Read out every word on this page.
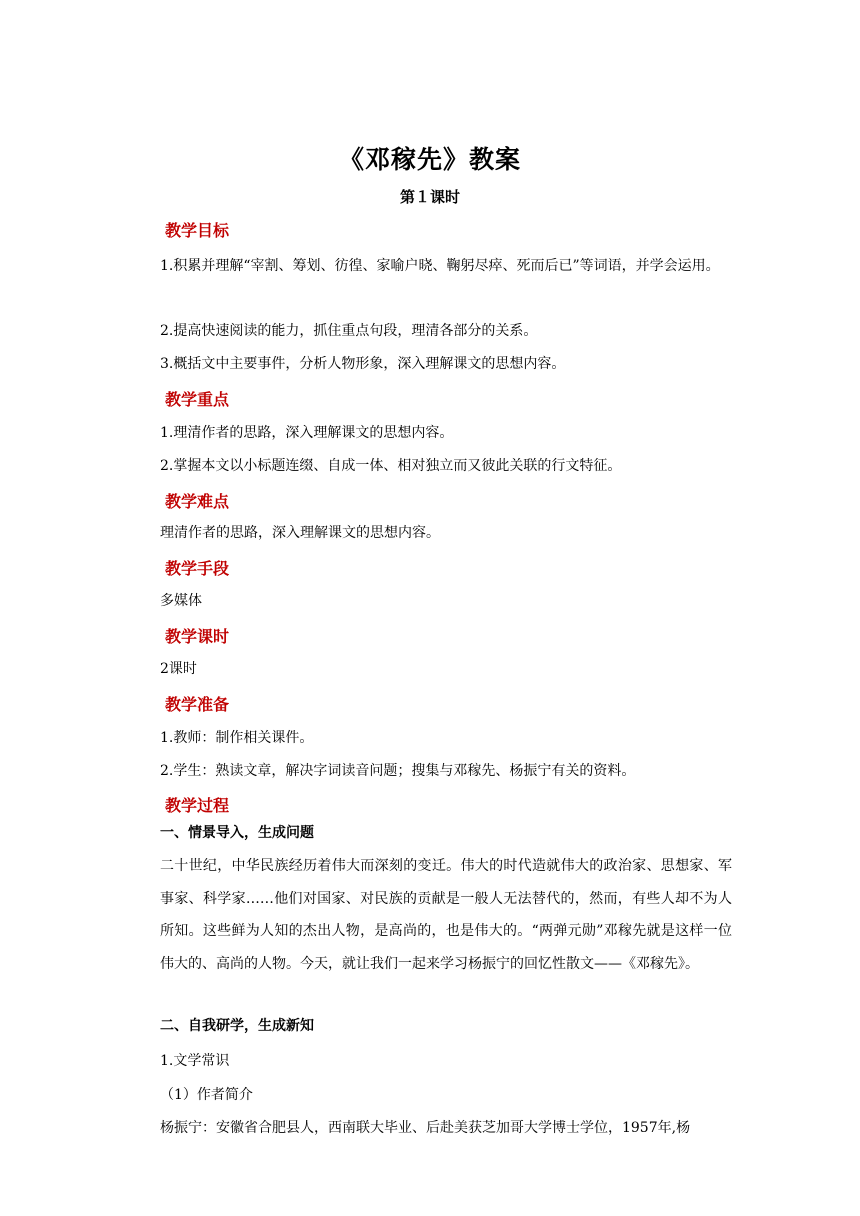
《邓稼先》教案
第１课时
教学目标
1.积累并理解“宰割、筹划、彷徨、家喻户晓、鞠躬尽瘁、死而后已”等词语，并学会运用。
2.提高快速阅读的能力，抓住重点句段，理清各部分的关系。
3.概括文中主要事件，分析人物形象，深入理解课文的思想内容。
教学重点
1.理清作者的思路，深入理解课文的思想内容。
2.掌握本文以小标题连缀、自成一体、相对独立而又彼此关联的行文特征。
教学难点
理清作者的思路，深入理解课文的思想内容。
教学手段
多媒体
教学课时
2课时
教学准备
1.教师：制作相关课件。
2.学生：熟读文章，解决字词读音问题；搜集与邓稼先、杨振宁有关的资料。
教学过程
一、情景导入，生成问题
二十世纪，中华民族经历着伟大而深刻的变迁。伟大的时代造就伟大的政治家、思想家、军事家、科学家……他们对国家、对民族的贡献是一般人无法替代的，然而，有些人却不为人所知。这些鲜为人知的杰出人物，是高尚的，也是伟大的。“两弹元勋”邓稼先就是这样一位伟大的、高尚的人物。今天，就让我们一起来学习杨振宁的回忆性散文——《邓稼先》。
二、自我研学，生成新知
1.文学常识
（1）作者简介
杨振宁：安徽省合肥县人，西南联大毕业、后赴美获芝加哥大学博士学位，1957年,杨
